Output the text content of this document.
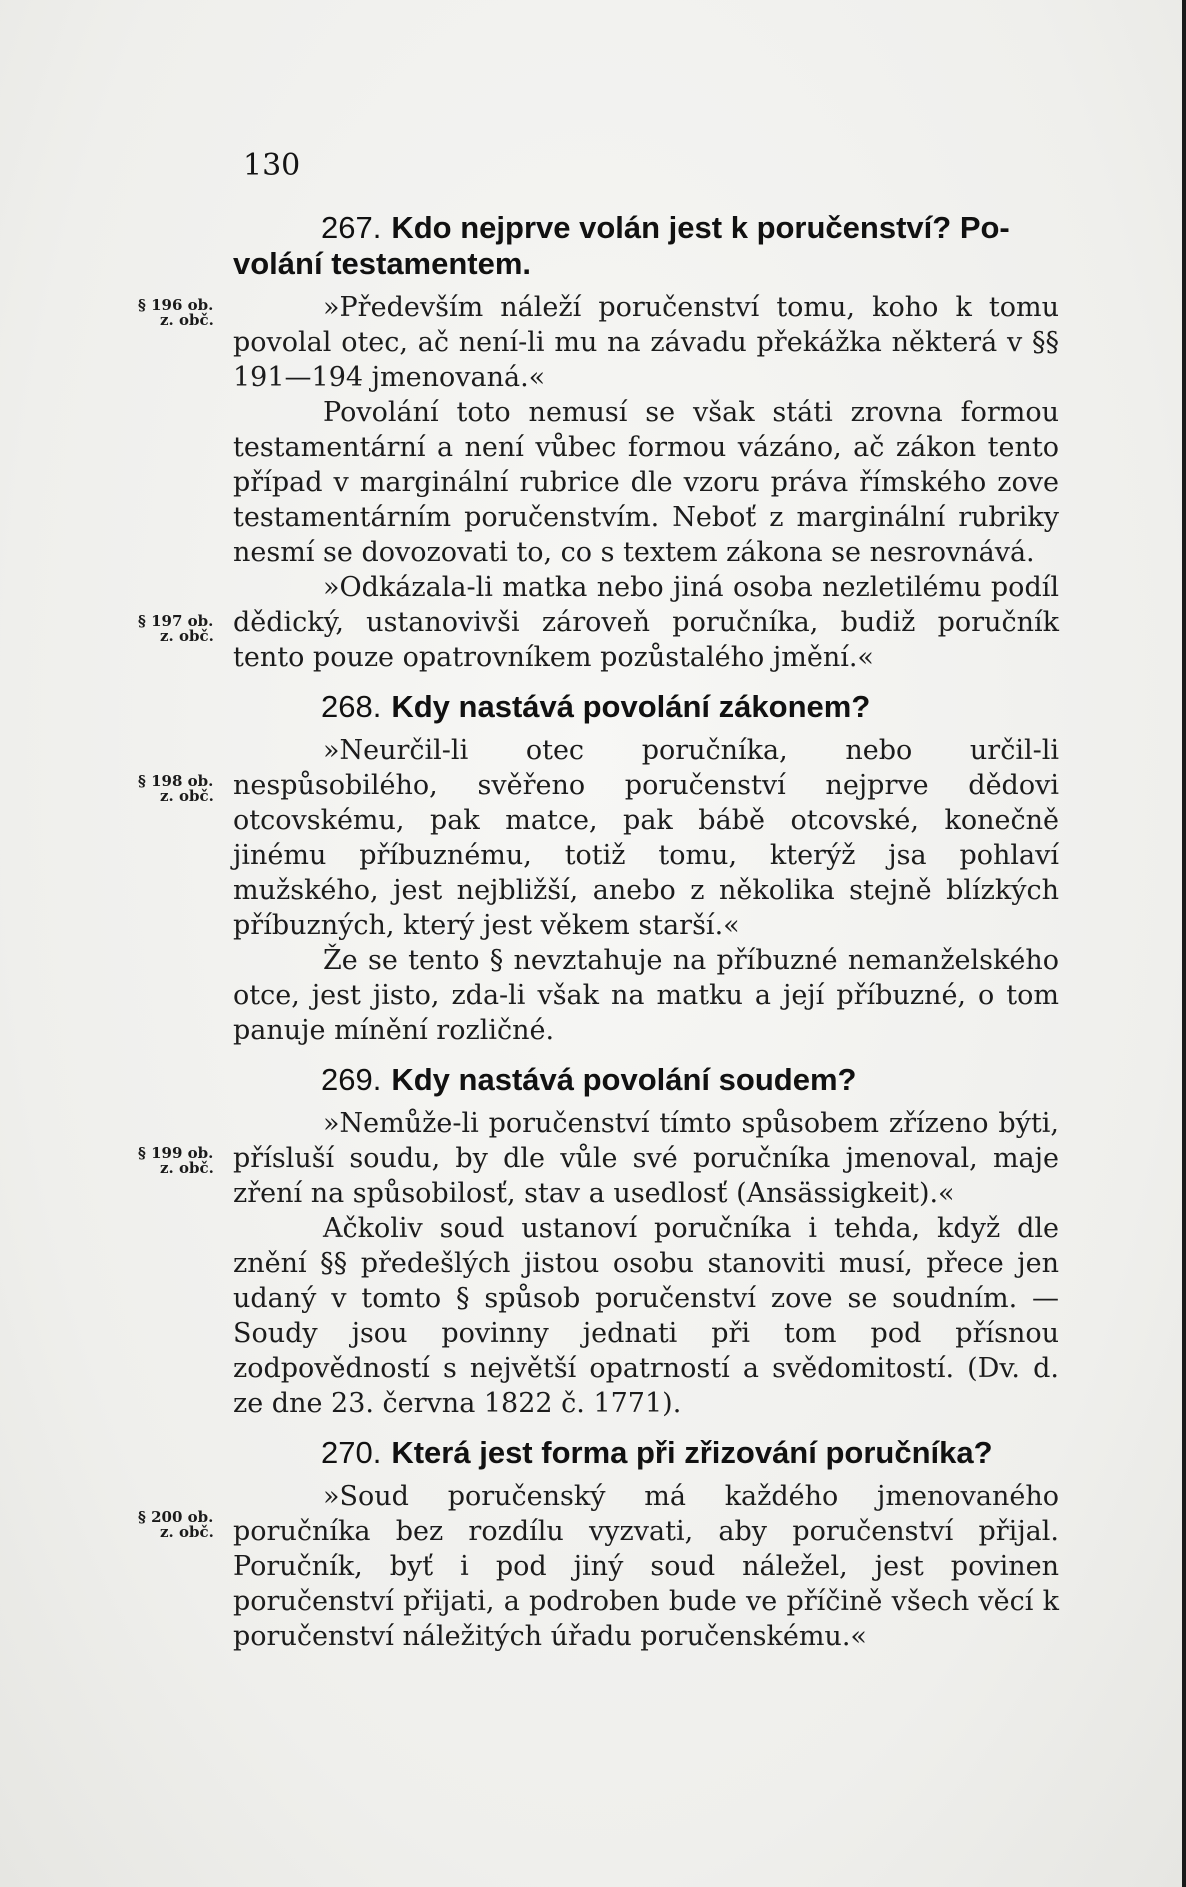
130
§ 196 ob.
z. obč.
§ 197 ob.
z. obč.
§ 198 ob.
z. obč.
§ 199 ob.
z. obč.
§ 200 ob.
z. obč.

267. Kdo nejprve volán jest k poručenství? Po-

volání testamentem.

»Především náleží poručenství tomu, koho k tomu povolal otec, ač není-li mu na závadu překážka některá v §§ 191—194 jmenovaná.«

Povolání toto nemusí se však státi zrovna formou testamentární a není vůbec formou vázáno, ač zákon tento případ v marginální rubrice dle vzoru práva římského zove testamentárním poručenstvím. Neboť z marginální rubriky nesmí se dovozovati to, co s textem zákona se nesrovnává.

»Odkázala-li matka nebo jiná osoba nezletilému podíl dědický, ustanovivši zároveň poručníka, budiž poručník tento pouze opatrovníkem pozůstalého jmění.«

268. Kdy nastává povolání zákonem?

»Neurčil-li otec poručníka, nebo určil-li nespůsobilého, svěřeno poručenství nejprve dědovi otcovskému, pak matce, pak bábě otcovské, konečně jinému příbuznému, totiž tomu, kterýž jsa pohlaví mužského, jest nejbližší, anebo z několika stejně blízkých příbuzných, který jest věkem starší.«

Že se tento § nevztahuje na příbuzné nemanželského otce, jest jisto, zda-li však na matku a její příbuzné, o tom panuje mínění rozličné.

269. Kdy nastává povolání soudem?

»Nemůže-li poručenství tímto spůsobem zřízeno býti, přísluší soudu, by dle vůle své poručníka jmenoval, maje zření na spůsobilosť, stav a usedlosť (Ansässigkeit).«

Ačkoliv soud ustanoví poručníka i tehda, když dle znění §§ předešlých jistou osobu stanoviti musí, přece jen udaný v tomto § spůsob poručenství zove se soudním. — Soudy jsou povinny jednati při tom pod přísnou zodpovědností s největší opatrností a svědomitostí. (Dv. d. ze dne 23. června 1822 č. 1771).

270. Která jest forma při zřizování poručníka?

»Soud poručenský má každého jmenovaného poručníka bez rozdílu vyzvati, aby poručenství přijal. Poručník, byť i pod jiný soud náležel, jest povinen poručenství přijati, a podroben bude ve příčině všech věcí k poručenství náležitých úřadu poručenskému.«
